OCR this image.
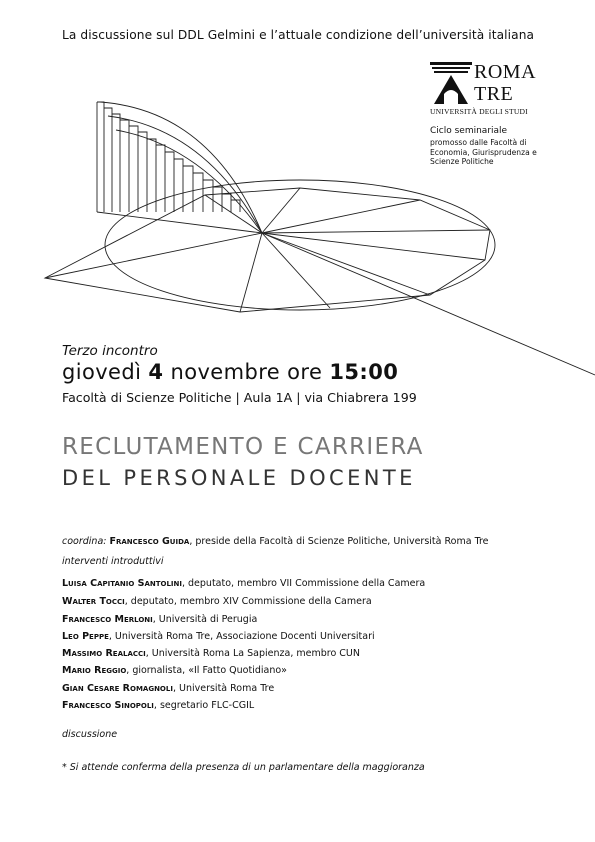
La discussione sul DDL Gelmini e l’attuale condizione dell’università italiana
ROMA
TRE
UNIVERSITÀ DEGLI STUDI
Ciclo seminariale
promosso dalle Facoltà di Economia, Giurisprudenza e Scienze Politiche
Terzo incontro
giovedì 4 novembre ore 15:00
Facoltà di Scienze Politiche | Aula 1A | via Chiabrera 199
RECLUTAMENTO E CARRIERA
DEL PERSONALE DOCENTE
coordina: Francesco Guida, preside della Facoltà di Scienze Politiche, Università Roma Tre
interventi introduttivi
Luisa Capitanio Santolini, deputato, membro VII Commissione della Camera
Walter Tocci, deputato, membro XIV Commissione della Camera
Francesco Merloni, Università di Perugia
Leo Peppe, Università Roma Tre, Associazione Docenti Universitari
Massimo Realacci, Università Roma La Sapienza, membro CUN
Mario Reggio, giornalista, «Il Fatto Quotidiano»
Gian Cesare Romagnoli, Università Roma Tre
Francesco Sinopoli, segretario FLC-CGIL
discussione
* Si attende conferma della presenza di un parlamentare della maggioranza
